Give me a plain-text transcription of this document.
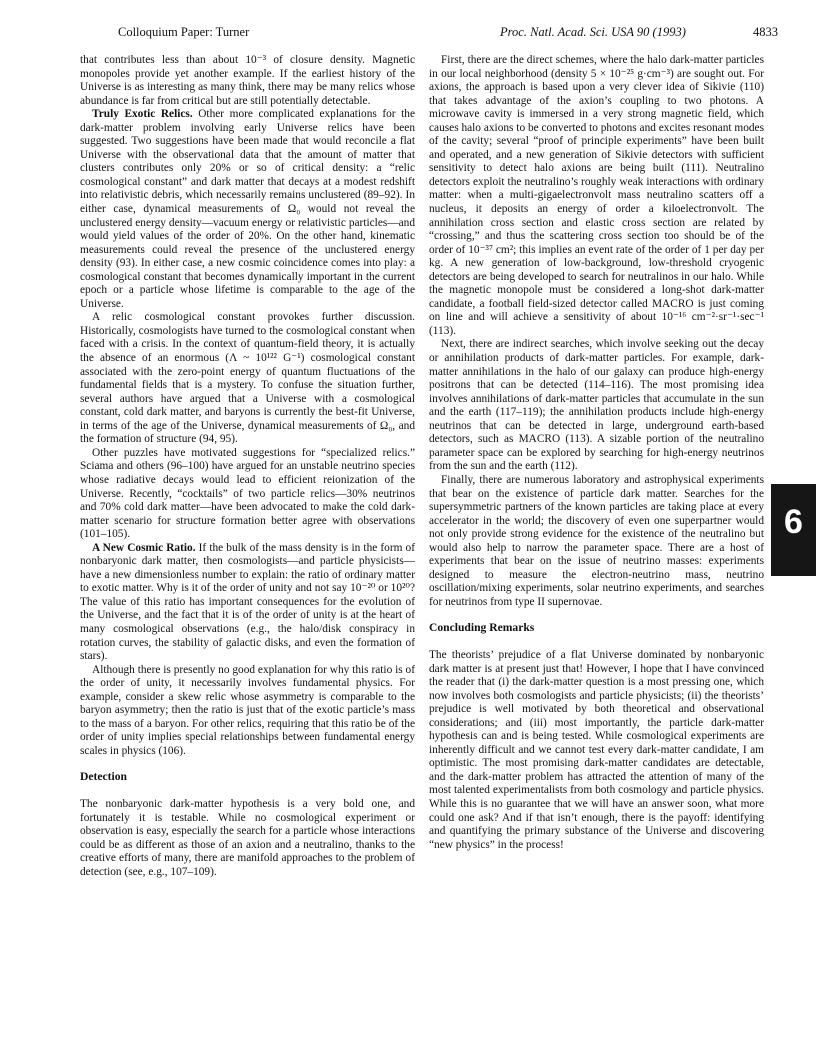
Colloquium Paper: Turner	Proc. Natl. Acad. Sci. USA 90 (1993)	4833

that contributes less than about 10⁻³ of closure density. Magnetic monopoles provide yet another example. If the earliest history of the Universe is as interesting as many think, there may be many relics whose abundance is far from critical but are still potentially detectable.

Truly Exotic Relics. Other more complicated explanations for the dark-matter problem involving early Universe relics have been suggested. Two suggestions have been made that would reconcile a flat Universe with the observational data that the amount of matter that clusters contributes only 20% or so of critical density: a “relic cosmological constant” and dark matter that decays at a modest redshift into relativistic debris, which necessarily remains unclustered (89–92). In either case, dynamical measurements of Ω₀ would not reveal the unclustered energy density—vacuum energy or relativistic particles—and would yield values of the order of 20%. On the other hand, kinematic measurements could reveal the presence of the unclustered energy density (93). In either case, a new cosmic coincidence comes into play: a cosmological constant that becomes dynamically important in the current epoch or a particle whose lifetime is comparable to the age of the Universe.

A relic cosmological constant provokes further discussion. Historically, cosmologists have turned to the cosmological constant when faced with a crisis. In the context of quantum-field theory, it is actually the absence of an enormous (Λ ~ 10¹²² G⁻¹) cosmological constant associated with the zero-point energy of quantum fluctuations of the fundamental fields that is a mystery. To confuse the situation further, several authors have argued that a Universe with a cosmological constant, cold dark matter, and baryons is currently the best-fit Universe, in terms of the age of the Universe, dynamical measurements of Ω₀, and the formation of structure (94, 95).

Other puzzles have motivated suggestions for “specialized relics.” Sciama and others (96–100) have argued for an unstable neutrino species whose radiative decays would lead to efficient reionization of the Universe. Recently, “cocktails” of two particle relics—30% neutrinos and 70% cold dark matter—have been advocated to make the cold dark-matter scenario for structure formation better agree with observations (101–105).

A New Cosmic Ratio. If the bulk of the mass density is in the form of nonbaryonic dark matter, then cosmologists—and particle physicists—have a new dimensionless number to explain: the ratio of ordinary matter to exotic matter. Why is it of the order of unity and not say 10⁻²⁰ or 10²⁰? The value of this ratio has important consequences for the evolution of the Universe, and the fact that it is of the order of unity is at the heart of many cosmological observations (e.g., the halo/disk conspiracy in rotation curves, the stability of galactic disks, and even the formation of stars).

Although there is presently no good explanation for why this ratio is of the order of unity, it necessarily involves fundamental physics. For example, consider a skew relic whose asymmetry is comparable to the baryon asymmetry; then the ratio is just that of the exotic particle’s mass to the mass of a baryon. For other relics, requiring that this ratio be of the order of unity implies special relationships between fundamental energy scales in physics (106).

Detection

The nonbaryonic dark-matter hypothesis is a very bold one, and fortunately it is testable. While no cosmological experiment or observation is easy, especially the search for a particle whose interactions could be as different as those of an axion and a neutralino, thanks to the creative efforts of many, there are manifold approaches to the problem of detection (see, e.g., 107–109).

First, there are the direct schemes, where the halo dark-matter particles in our local neighborhood (density 5 × 10⁻²⁵ g·cm⁻³) are sought out. For axions, the approach is based upon a very clever idea of Sikivie (110) that takes advantage of the axion’s coupling to two photons. A microwave cavity is immersed in a very strong magnetic field, which causes halo axions to be converted to photons and excites resonant modes of the cavity; several “proof of principle experiments” have been built and operated, and a new generation of Sikivie detectors with sufficient sensitivity to detect halo axions are being built (111). Neutralino detectors exploit the neutralino’s roughly weak interactions with ordinary matter: when a multi-gigaelectronvolt mass neutralino scatters off a nucleus, it deposits an energy of order a kiloelectronvolt. The annihilation cross section and elastic cross section are related by “crossing,” and thus the scattering cross section too should be of the order of 10⁻³⁷ cm²; this implies an event rate of the order of 1 per day per kg. A new generation of low-background, low-threshold cryogenic detectors are being developed to search for neutralinos in our halo. While the magnetic monopole must be considered a long-shot dark-matter candidate, a football field-sized detector called MACRO is just coming on line and will achieve a sensitivity of about 10⁻¹⁶ cm⁻²·sr⁻¹·sec⁻¹ (113).

Next, there are indirect searches, which involve seeking out the decay or annihilation products of dark-matter particles. For example, dark-matter annihilations in the halo of our galaxy can produce high-energy positrons that can be detected (114–116). The most promising idea involves annihilations of dark-matter particles that accumulate in the sun and the earth (117–119); the annihilation products include high-energy neutrinos that can be detected in large, underground earth-based detectors, such as MACRO (113). A sizable portion of the neutralino parameter space can be explored by searching for high-energy neutrinos from the sun and the earth (112).

Finally, there are numerous laboratory and astrophysical experiments that bear on the existence of particle dark matter. Searches for the supersymmetric partners of the known particles are taking place at every accelerator in the world; the discovery of even one superpartner would not only provide strong evidence for the existence of the neutralino but would also help to narrow the parameter space. There are a host of experiments that bear on the issue of neutrino masses: experiments designed to measure the electron-neutrino mass, neutrino oscillation/mixing experiments, solar neutrino experiments, and searches for neutrinos from type II supernovae.

Concluding Remarks

The theorists’ prejudice of a flat Universe dominated by nonbaryonic dark matter is at present just that! However, I hope that I have convinced the reader that (i) the dark-matter question is a most pressing one, which now involves both cosmologists and particle physicists; (ii) the theorists’ prejudice is well motivated by both theoretical and observational considerations; and (iii) most importantly, the particle dark-matter hypothesis can and is being tested. While cosmological experiments are inherently difficult and we cannot test every dark-matter candidate, I am optimistic. The most promising dark-matter candidates are detectable, and the dark-matter problem has attracted the attention of many of the most talented experimentalists from both cosmology and particle physics. While this is no guarantee that we will have an answer soon, what more could one ask? And if that isn’t enough, there is the payoff: identifying and quantifying the primary substance of the Universe and discovering “new physics” in the process!

6
